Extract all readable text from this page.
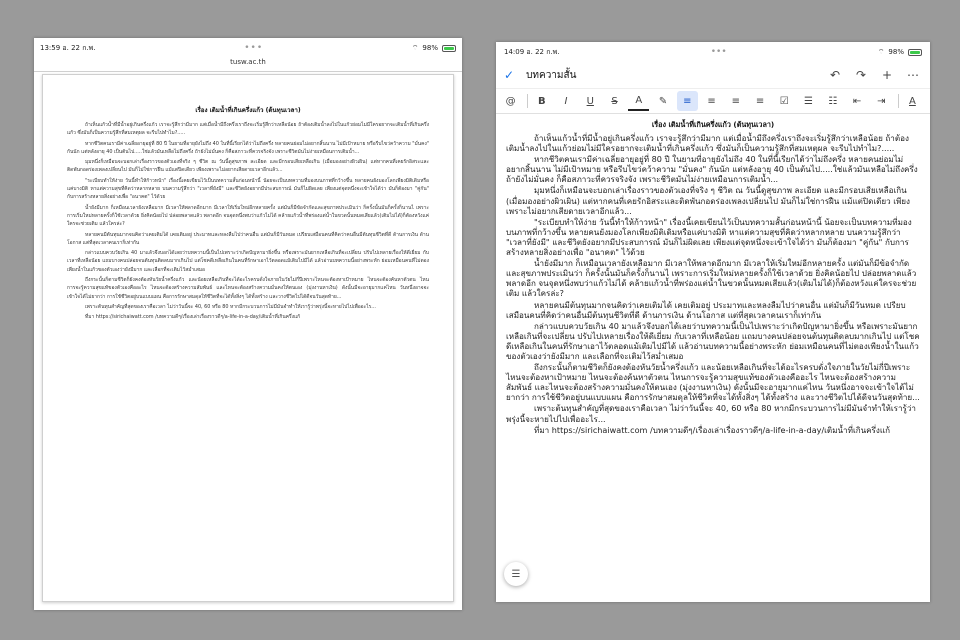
13:59 อ. 22 ก.พ.	•••	⌔ 98%
tusw.ac.th
เรื่อง เติมน้ำที่เกินครึ่งแก้ว (ต้นทุนเวลา)

ถ้าเห็นแก้วน้ำที่มีน้ำอยู่เกินครึ่งแก้ว เราจะรู้สึกว่ามีมาก แต่เมื่อน้ำมีถึงครึ่งเราถึงจะเริ่มรู้สึกว่าเหลือน้อย ถ้าต้องเติมน้ำลงไปในแก้วย่อมไม่มีใครอยากจะเติมน้ำที่เกินครึ่งแก้ว ซึ่งมันก็เป็นความรู้สึกที่สมเหตุผล จะรีบไปทำไม?.....

หากชีวิตคนเรามีค่าเฉลี่ยอายุอยู่ที่ 80 ปี ในยามที่อายุยังไม่ถึง 40 ในที่นี้เรียกได้ว่าไม่ถึงครึ่ง หลายคนย่อมไม่อยากสิ้นนาน ไม่มีเป้าหมาย หรือรีบไขว่คว้าความ "มั่นคง" กันนัก แต่หลังอายุ 40 เป็นต้นไป.....ใช่แล้วมันเหลือไม่ถึงครึ่ง ถ้ายังไม่มั่นคง ก็คือสภาวะที่ควรจริงจัง เพราะชีวิตมันไม่ง่ายเหมือนการเติมน้ำ...

มุมหนึ่งก็เหมือนจะบอกเล่าเรื่องราวของตัวเองที่จริง ๆ ชีวิต ณ วันนี้ดูสุขภาพ ละเอียด และมีกรอบเสียเหลือเกิน (เมื่อมองอย่างผิวเผิน) แต่หากคนที่เคยรักอิสระและติดพันกอดร่องเพลงเปลี่ยนไป มันก็ไม่ใช่การฝืน แม้แต่ปิดเดียว เพียงเพราะไม่อยากเสียดายเวลาอีกแล้ว...

"ระเบียบทำให้ง่าย วันนี้ทำให้ก้าวหน้า" เรื่องนี้เคยเขียนไว้เป็นบทความสั้นก่อนหน้านี้ น้อยจะเป็นบทความที่มองบนภาพที่กว้างขึ้น หลายคนยังมองโลกเพียงมิติเดิมหรือแค่บางมิติ หาแต่ความสุขที่คิดว่าหลากหลาย บนความรู้สึกว่า "เวลาที่ยังมี" และชีวิตยังอยากมีประสบการณ์ มันก็ไม่ผิดเลย เพียงแต่จุดหนึ่งจะเข้าใจได้ว่า มันก็ต้องมา "คู่กัน" กับการสร้างหลายสิ่งอย่างเพื่อ "อนาคต" ไว้ด้วย

น้ำยังมีมาก ก็เหมือนเวลายังเหลือมาก มีเวลาให้พลาดอีกมาก มีเวลาให้เริ่มใหม่อีกหลายครั้ง แต่มันก็มีข้อจำกัดและสุขภาพประเมินว่า ก็ครั้งนั้นมันก็ครั้งก็นานไ เพราะการเริ่มใหม่หลายครั้งก็ใช้เวลาด้วย ยิ่งคิดน้อยไป ปล่อยพลาดแล้ว พลาดอีก จนจุดหนึ่งพบว่าแก้วไม่ได้ คล้ายแก้วน้ำที่พร่องแต่น้ำในขวดนั้นหมดเสียแล้ว(เติมไม่ได้)ก็ต้องหวังแค่ใครจะช่วยเติม แล้วใครล่ะ?

หลายคนมีต้นทุนมากจนคิดว่าเคยเติมได้ เคยเติมอยู่ ประมาทและหลงลืมไปว่าคนอื่น แต่มันก็มีวันหมด เปรียบเสมือนคนที่คิดว่าคนอื่นมีต้นทุนชีวิตที่ดี ด้านการเงิน ด้านโอกาส แต่ที่สุดเวลาคนเราก็เท่ากัน

กล่าวแบบควบวัยเกิน 40 มาแล้วจึงบอกได้เลยว่าบทความนี้เป็นไปเพราะว่าเกิดปัญหามายิ่งขึ้น หรือเพราะมันยากเหลือเกินที่จะเปลี่ยน ปรับไปเหลายเรื่องให้ดีเยี่ยม กับเวลาที่เหลือน้อย แถมบางคนปล่อยจนต้นทุนติดลบมากเกินไป แต่โชคดีเหลือเกินในคนที่รักษาเอาไว้ตลอดแม้เติมไปมีได้ แล้วอ่านบทความนี้อย่างพระหัก ย่อมเหมือนคนที่ไม่ตองเพียงน้ำในแก้วของตัวเองว่ายังมีมาก และเลือกที่จะเติมไว้สม่ำเสมอ

ถึงกระนั้นก็ตามชีวิตก็ยังคงต้องหันวัยน้ำครึ่งแก้ว และน้อยเหลือเกินที่จะได้อะไรครบดั่งใจภายในวัยไม่กี่ปีเพราะไหนจะต้องหาเป้าหมาย ไหนจะต้องค้นหาตัวตน ไหนการจะรู้ความสุขแท้ของตัวเองคืออะไร ไหนจะต้องสร้างความสัมพันธ์ และไหนจะต้องสร้างความมั่นคงให้ตนเอง (มุ่งงานหาเงิน) ดังนั้นมีจะอายุมากแค่ไหน วันหนึ่งอาจจะเข้าใจได้ไม่ยากว่า การใช้ชีวิตอยู่บนแบบแผน คือการรักษาสมดุลให้ชีวิตที่จะได้ทั้งสิ่งๆ ได้ทั้งสร้าง และวางชีวิตไปได้ดีจนวันสุดท้าย...

เพราะต้นทุนสำคัญที่สุดของเราคือเวลา ไม่ว่าวันนี้จะ 40, 60 หรือ 80 หากมีกระบวนการไม่มีมันจำทำให้เรารู้ว่าพรุ่งนี้จะหายไปไปเพื่ออะไร...

ที่มา https://sirichaiwatt.com /บทความดีๆ/เรื่องเล่าเรื่องราวดีๆ/a-life-in-a-day/เติมน้ำที่เกินครึ่งแก้

14:09 อ. 22 ก.พ.	•••	⌔ 98%
✓	บทความสั้น	↶	↷	+	⋯
@	B	I	U	S	A	✎	≡	≡	≡	≡	☑	☰	☷	⇤	⇥	A
เรื่อง เติมน้ำที่เกินครึ่งแก้ว (ต้นทุนเวลา)

ถ้าเห็นแก้วน้ำที่มีน้ำอยู่เกินครึ่งแก้ว เราจะรู้สึกว่ามีมาก แต่เมื่อน้ำมีถึงครึ่งเราถึงจะเริ่มรู้สึกว่าเหลือน้อย ถ้าต้องเติมน้ำลงไปในแก้วย่อมไม่มีใครอยากจะเติมน้ำที่เกินครึ่งแก้ว ซึ่งมันก็เป็นความรู้สึกที่สมเหตุผล จะรีบไปทำไม?.....

หากชีวิตคนเรามีค่าเฉลี่ยอายุอยู่ที่ 80 ปี ในยามที่อายุยังไม่ถึง 40 ในที่นี้เรียกได้ว่าไม่ถึงครึ่ง หลายคนย่อมไม่อยากสิ้นนาน ไม่มีเป้าหมาย หรือรีบไขว่คว้าความ "มั่นคง" กันนัก แต่หลังอายุ 40 เป็นต้นไป.....ใช่แล้วมันเหลือไม่ถึงครึ่ง ถ้ายังไม่มั่นคง ก็คือสภาวะที่ควรจริงจัง เพราะชีวิตมันไม่ง่ายเหมือนการเติมน้ำ...

มุมหนึ่งก็เหมือนจะบอกเล่าเรื่องราวของตัวเองที่จริง ๆ ชีวิต ณ วันนี้ดูสุขภาพ ละเอียด และมีกรอบเสียเหลือเกิน (เมื่อมองอย่างผิวเผิน) แต่หากคนที่เคยรักอิสระและติดพันกอดร่องเพลงเปลี่ยนไป มันก็ไม่ใช่การฝืน แม้แต่ปิดเดียว เพียงเพราะไม่อยากเสียดายเวลาอีกแล้ว...

"ระเบียบทำให้ง่าย วันนี้ทำให้ก้าวหน้า" เรื่องนี้เคยเขียนไว้เป็นบทความสั้นก่อนหน้านี้ น้อยจะเป็นบทความที่มองบนภาพที่กว้างขึ้น หลายคนยังมองโลกเพียงมิติเดิมหรือแค่บางมิติ หาแต่ความสุขที่คิดว่าหลากหลาย บนความรู้สึกว่า "เวลาที่ยังมี" และชีวิตยังอยากมีประสบการณ์ มันก็ไม่ผิดเลย เพียงแต่จุดหนึ่งจะเข้าใจได้ว่า มันก็ต้องมา "คู่กัน" กับการสร้างหลายสิ่งอย่างเพื่อ "อนาคต" ไว้ด้วย

น้ำยังมีมาก ก็เหมือนเวลายังเหลือมาก มีเวลาให้พลาดอีกมาก มีเวลาให้เริ่มใหม่อีกหลายครั้ง แต่มันก็มีข้อจำกัดและสุขภาพประเมินว่า ก็ครั้งนั้นมันก็ครั้งก็นานไ เพราะการเริ่มใหม่หลายครั้งก็ใช้เวลาด้วย ยิ่งคิดน้อยไป ปล่อยพลาดแล้ว พลาดอีก จนจุดหนึ่งพบว่าแก้วไม่ได้ คล้ายแก้วน้ำที่พร่องแต่น้ำในขวดนั้นหมดเสียแล้ว(เติมไม่ได้)ก็ต้องหวังแค่ใครจะช่วยเติม แล้วใครล่ะ?

หลายคนมีต้นทุนมากจนคิดว่าเคยเติมได้ เคยเติมอยู่ ประมาทและหลงลืมไปว่าคนอื่น แต่มันก็มีวันหมด เปรียบเสมือนคนที่คิดว่าคนอื่นมีต้นทุนชีวิตที่ดี ด้านการเงิน ด้านโอกาส แต่ที่สุดเวลาคนเราก็เท่ากัน

กล่าวแบบควบวัยเกิน 40 มาแล้วจึงบอกได้เลยว่าบทความนี้เป็นไปเพราะว่าเกิดปัญหามายิ่งขึ้น หรือเพราะมันยากเหลือเกินที่จะเปลี่ยน ปรับไปเหลายเรื่องให้ดีเยี่ยม กับเวลาที่เหลือน้อย แถมบางคนปล่อยจนต้นทุนติดลบมากเกินไป แต่โชคดีเหลือเกินในคนที่รักษาเอาไว้ตลอดแม้เติมไปมีได้ แล้วอ่านบทความนี้อย่างพระหัก ย่อมเหมือนคนที่ไม่ตองเพียงน้ำในแก้วของตัวเองว่ายังมีมาก และเลือกที่จะเติมไว้สม่ำเสมอ

ถึงกระนั้นก็ตามชีวิตก็ยังคงต้องหันวัยน้ำครึ่งแก้ว และน้อยเหลือเกินที่จะได้อะไรครบดั่งใจภายในวัยไม่กี่ปีเพราะไหนจะต้องหาเป้าหมาย ไหนจะต้องค้นหาตัวตน ไหนการจะรู้ความสุขแท้ของตัวเองคืออะไร ไหนจะต้องสร้างความสัมพันธ์ และไหนจะต้องสร้างความมั่นคงให้ตนเอง (มุ่งงานหาเงิน) ดังนั้นมีจะอายุมากแค่ไหน วันหนึ่งอาจจะเข้าใจได้ไม่ยากว่า การใช้ชีวิตอยู่บนแบบแผน คือการรักษาสมดุลให้ชีวิตที่จะได้ทั้งสิ่งๆ ได้ทั้งสร้าง และวางชีวิตไปได้ดีจนวันสุดท้าย...

เพราะต้นทุนสำคัญที่สุดของเราคือเวลา ไม่ว่าวันนี้จะ 40, 60 หรือ 80 หากมีกระบวนการไม่มีมันจำทำให้เรารู้ว่าพรุ่งนี้จะหายไปไปเพื่ออะไร...

ที่มา https://sirichaiwatt.com /บทความดีๆ/เรื่องเล่าเรื่องราวดีๆ/a-life-in-a-day/เติมน้ำที่เกินครึ่งแก้

☰
